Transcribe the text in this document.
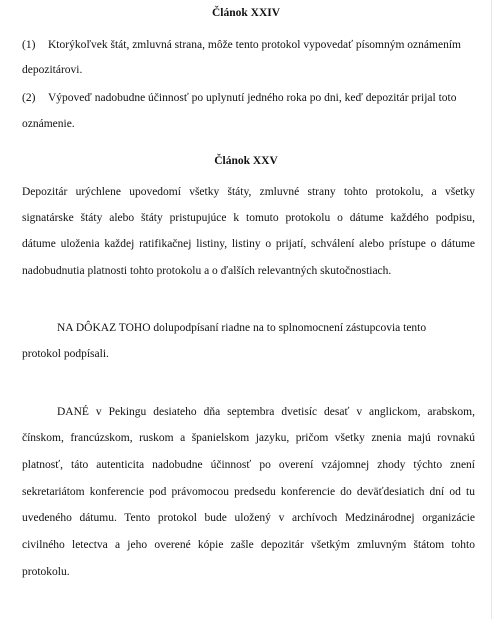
Článok XXIV

(1) Ktorýkoľvek štát, zmluvná strana, môže tento protokol vypovedať písomným oznámením

depozitárovi.

(2) Výpoveď nadobudne účinnosť po uplynutí jedného roka po dni, keď depozitár prijal toto

oznámenie.

Článok XXV

Depozitár urýchlene upovedomí všetky štáty, zmluvné strany tohto protokolu, a všetky

signatárske štáty alebo štáty pristupujúce k tomuto protokolu o dátume každého podpisu,

dátume uloženia každej ratifikačnej listiny, listiny o prijatí, schválení alebo prístupe o dátume

nadobudnutia platnosti tohto protokolu a o ďalších relevantných skutočnostiach.

NA DÔKAZ TOHO dolupodpísaní riadne na to splnomocnení zástupcovia tento

protokol podpísali.

DANÉ v Pekingu desiateho dňa septembra dvetisíc desať v anglickom, arabskom,

čínskom, francúzskom, ruskom a španielskom jazyku, pričom všetky znenia majú rovnakú

platnosť, táto autenticita nadobudne účinnosť po overení vzájomnej zhody týchto znení

sekretariátom konferencie pod právomocou predsedu konferencie do deväťdesiatich dní od tu

uvedeného dátumu. Tento protokol bude uložený v archívoch Medzinárodnej organizácie

civilného letectva a jeho overené kópie zašle depozitár všetkým zmluvným štátom tohto

protokolu.
